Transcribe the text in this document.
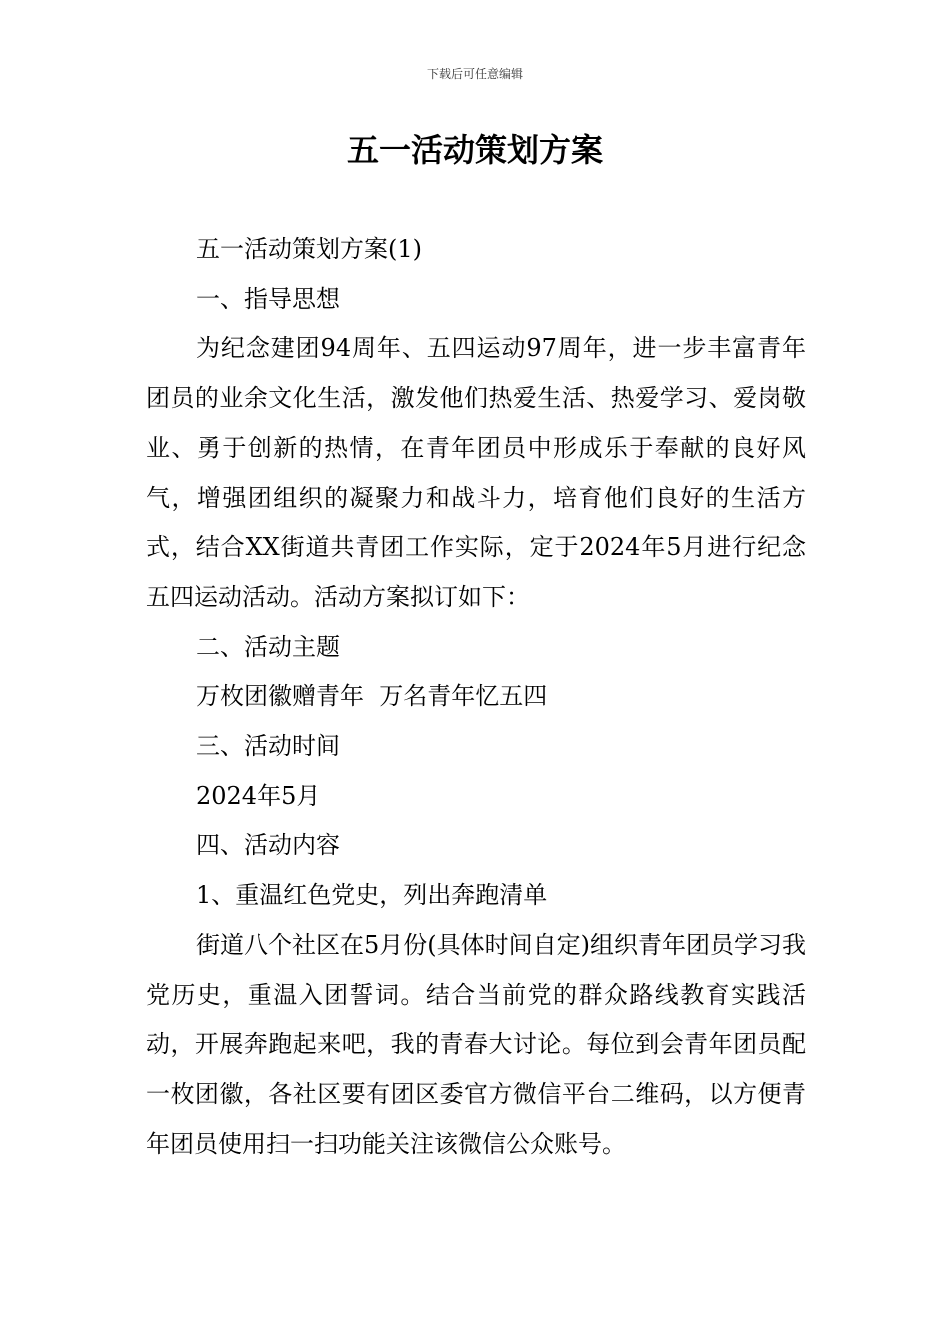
下载后可任意编辑
五一活动策划方案

五一活动策划方案(1)

一、指导思想

为纪念建团94周年、五四运动97周年，进一步丰富青年团员的业余文化生活，激发他们热爱生活、热爱学习、爱岗敬业、勇于创新的热情，在青年团员中形成乐于奉献的良好风气，增强团组织的凝聚力和战斗力，培育他们良好的生活方式，结合XX街道共青团工作实际，定于2024年5月进行纪念五四运动活动。活动方案拟订如下：

二、活动主题

万枚团徽赠青年  万名青年忆五四

三、活动时间

2024年5月

四、活动内容

1、重温红色党史，列出奔跑清单

街道八个社区在5月份(具体时间自定)组织青年团员学习我党历史，重温入团誓词。结合当前党的群众路线教育实践活动，开展奔跑起来吧，我的青春大讨论。每位到会青年团员配一枚团徽，各社区要有团区委官方微信平台二维码，以方便青年团员使用扫一扫功能关注该微信公众账号。
